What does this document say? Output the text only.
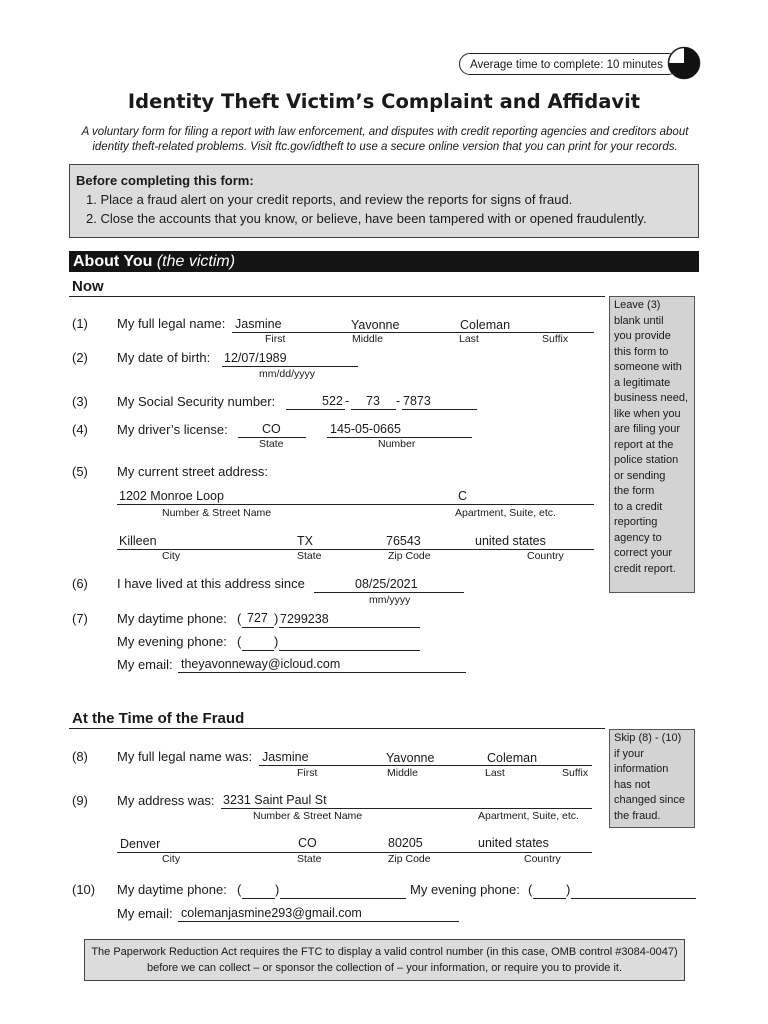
Average time to complete: 10 minutes
Identity Theft Victim’s Complaint and Affidavit
A voluntary form for filing a report with law enforcement, and disputes with credit reporting agencies and creditors about
identity theft-related problems. Visit ftc.gov/idtheft to use a secure online version that you can print for your records.
Before completing this form:
1. Place a fraud alert on your credit reports, and review the reports for signs of fraud.
2. Close the accounts that you know, or believe, have been tampered with or opened fraudulently.
About You (the victim)
Now
Leave (3)
blank until
you provide
this form to
someone with
a legitimate
business need,
like when you
are filing your
report at the
police station
or sending
the form
to a credit
reporting
agency to
correct your
credit report.
(1) My full legal name: Jasmine	Yavonne	Coleman
First	Middle	Last	Suffix
(2) My date of birth: 12/07/1989
mm/dd/yyyy
(3) My Social Security number:	522 - 73 - 7873
(4) My driver’s license:	CO	145-05-0665
State	Number
(5) My current street address:
1202 Monroe Loop	C
Number & Street Name	Apartment, Suite, etc.
Killeen	TX	76543	united states
City	State	Zip Code	Country
(6) I have lived at this address since	08/25/2021
mm/yyyy
(7) My daytime phone: ( 727 ) 7299238
My evening phone: (	)
My email: theyavonneway@icloud.com
At the Time of the Fraud
Skip (8) - (10)
if your
information
has not
changed since
the fraud.
(8) My full legal name was: Jasmine	Yavonne	Coleman
First	Middle	Last	Suffix
(9) My address was: 3231 Saint Paul St
Number & Street Name	Apartment, Suite, etc.
Denver	CO	80205	united states
City	State	Zip Code	Country
(10) My daytime phone: (	)	My evening phone: (	)
My email: colemanjasmine293@gmail.com
The Paperwork Reduction Act requires the FTC to display a valid control number (in this case, OMB control #3084-0047)
before we can collect – or sponsor the collection of – your information, or require you to provide it.
